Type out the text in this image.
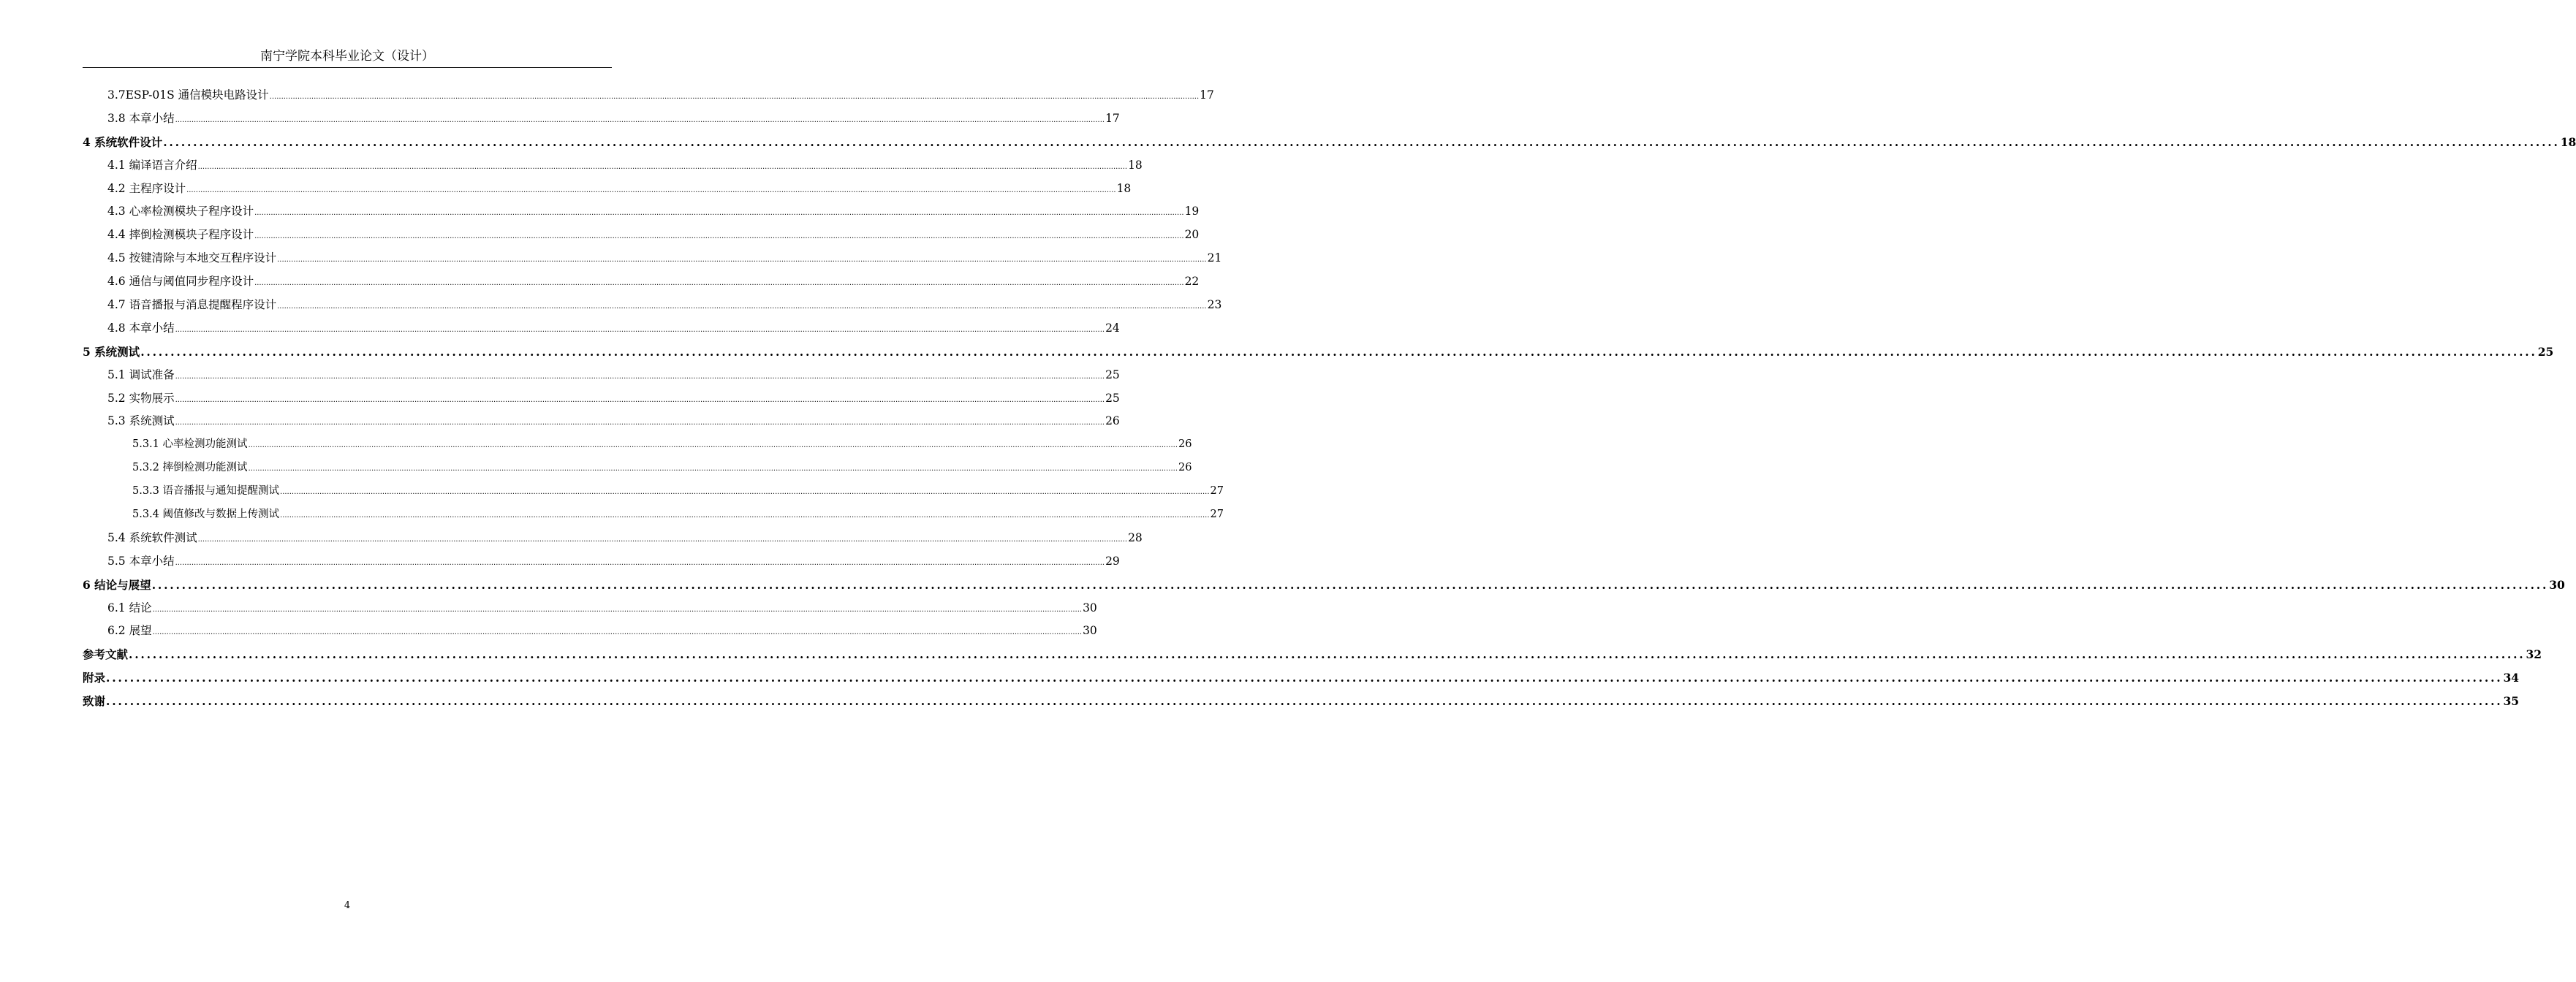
南宁学院本科毕业论文（设计）
3.7ESP-01S 通信模块电路设计 ................................................................................................................................................................................................................................................................................................................................................................................................................ 17
3.8 本章小结 ................................................................................................................................................................................................................................................................................................................................................................................................................ 17
4 系统软件设计 ................................................................................................................................................................................................................................................................................................................................................................................................................ 18
4.1 编译语言介绍 ................................................................................................................................................................................................................................................................................................................................................................................................................ 18
4.2 主程序设计 ................................................................................................................................................................................................................................................................................................................................................................................................................ 18
4.3 心率检测模块子程序设计 ................................................................................................................................................................................................................................................................................................................................................................................................................ 19
4.4 摔倒检测模块子程序设计 ................................................................................................................................................................................................................................................................................................................................................................................................................ 20
4.5 按键清除与本地交互程序设计 ................................................................................................................................................................................................................................................................................................................................................................................................................ 21
4.6 通信与阈值同步程序设计 ................................................................................................................................................................................................................................................................................................................................................................................................................ 22
4.7 语音播报与消息提醒程序设计 ................................................................................................................................................................................................................................................................................................................................................................................................................ 23
4.8 本章小结 ................................................................................................................................................................................................................................................................................................................................................................................................................ 24
5 系统测试 ................................................................................................................................................................................................................................................................................................................................................................................................................ 25
5.1 调试准备 ................................................................................................................................................................................................................................................................................................................................................................................................................ 25
5.2 实物展示 ................................................................................................................................................................................................................................................................................................................................................................................................................ 25
5.3 系统测试 ................................................................................................................................................................................................................................................................................................................................................................................................................ 26
5.3.1 心率检测功能测试 ................................................................................................................................................................................................................................................................................................................................................................................................................ 26
5.3.2 摔倒检测功能测试 ................................................................................................................................................................................................................................................................................................................................................................................................................ 26
5.3.3 语音播报与通知提醒测试 ................................................................................................................................................................................................................................................................................................................................................................................................................ 27
5.3.4 阈值修改与数据上传测试 ................................................................................................................................................................................................................................................................................................................................................................................................................ 27
5.4 系统软件测试 ................................................................................................................................................................................................................................................................................................................................................................................................................ 28
5.5 本章小结 ................................................................................................................................................................................................................................................................................................................................................................................................................ 29
6 结论与展望 ................................................................................................................................................................................................................................................................................................................................................................................................................ 30
6.1 结论 ................................................................................................................................................................................................................................................................................................................................................................................................................ 30
6.2 展望 ................................................................................................................................................................................................................................................................................................................................................................................................................ 30
参考文献 ................................................................................................................................................................................................................................................................................................................................................................................................................ 32
附录 ................................................................................................................................................................................................................................................................................................................................................................................................................ 34
致谢 ................................................................................................................................................................................................................................................................................................................................................................................................................ 35
4
